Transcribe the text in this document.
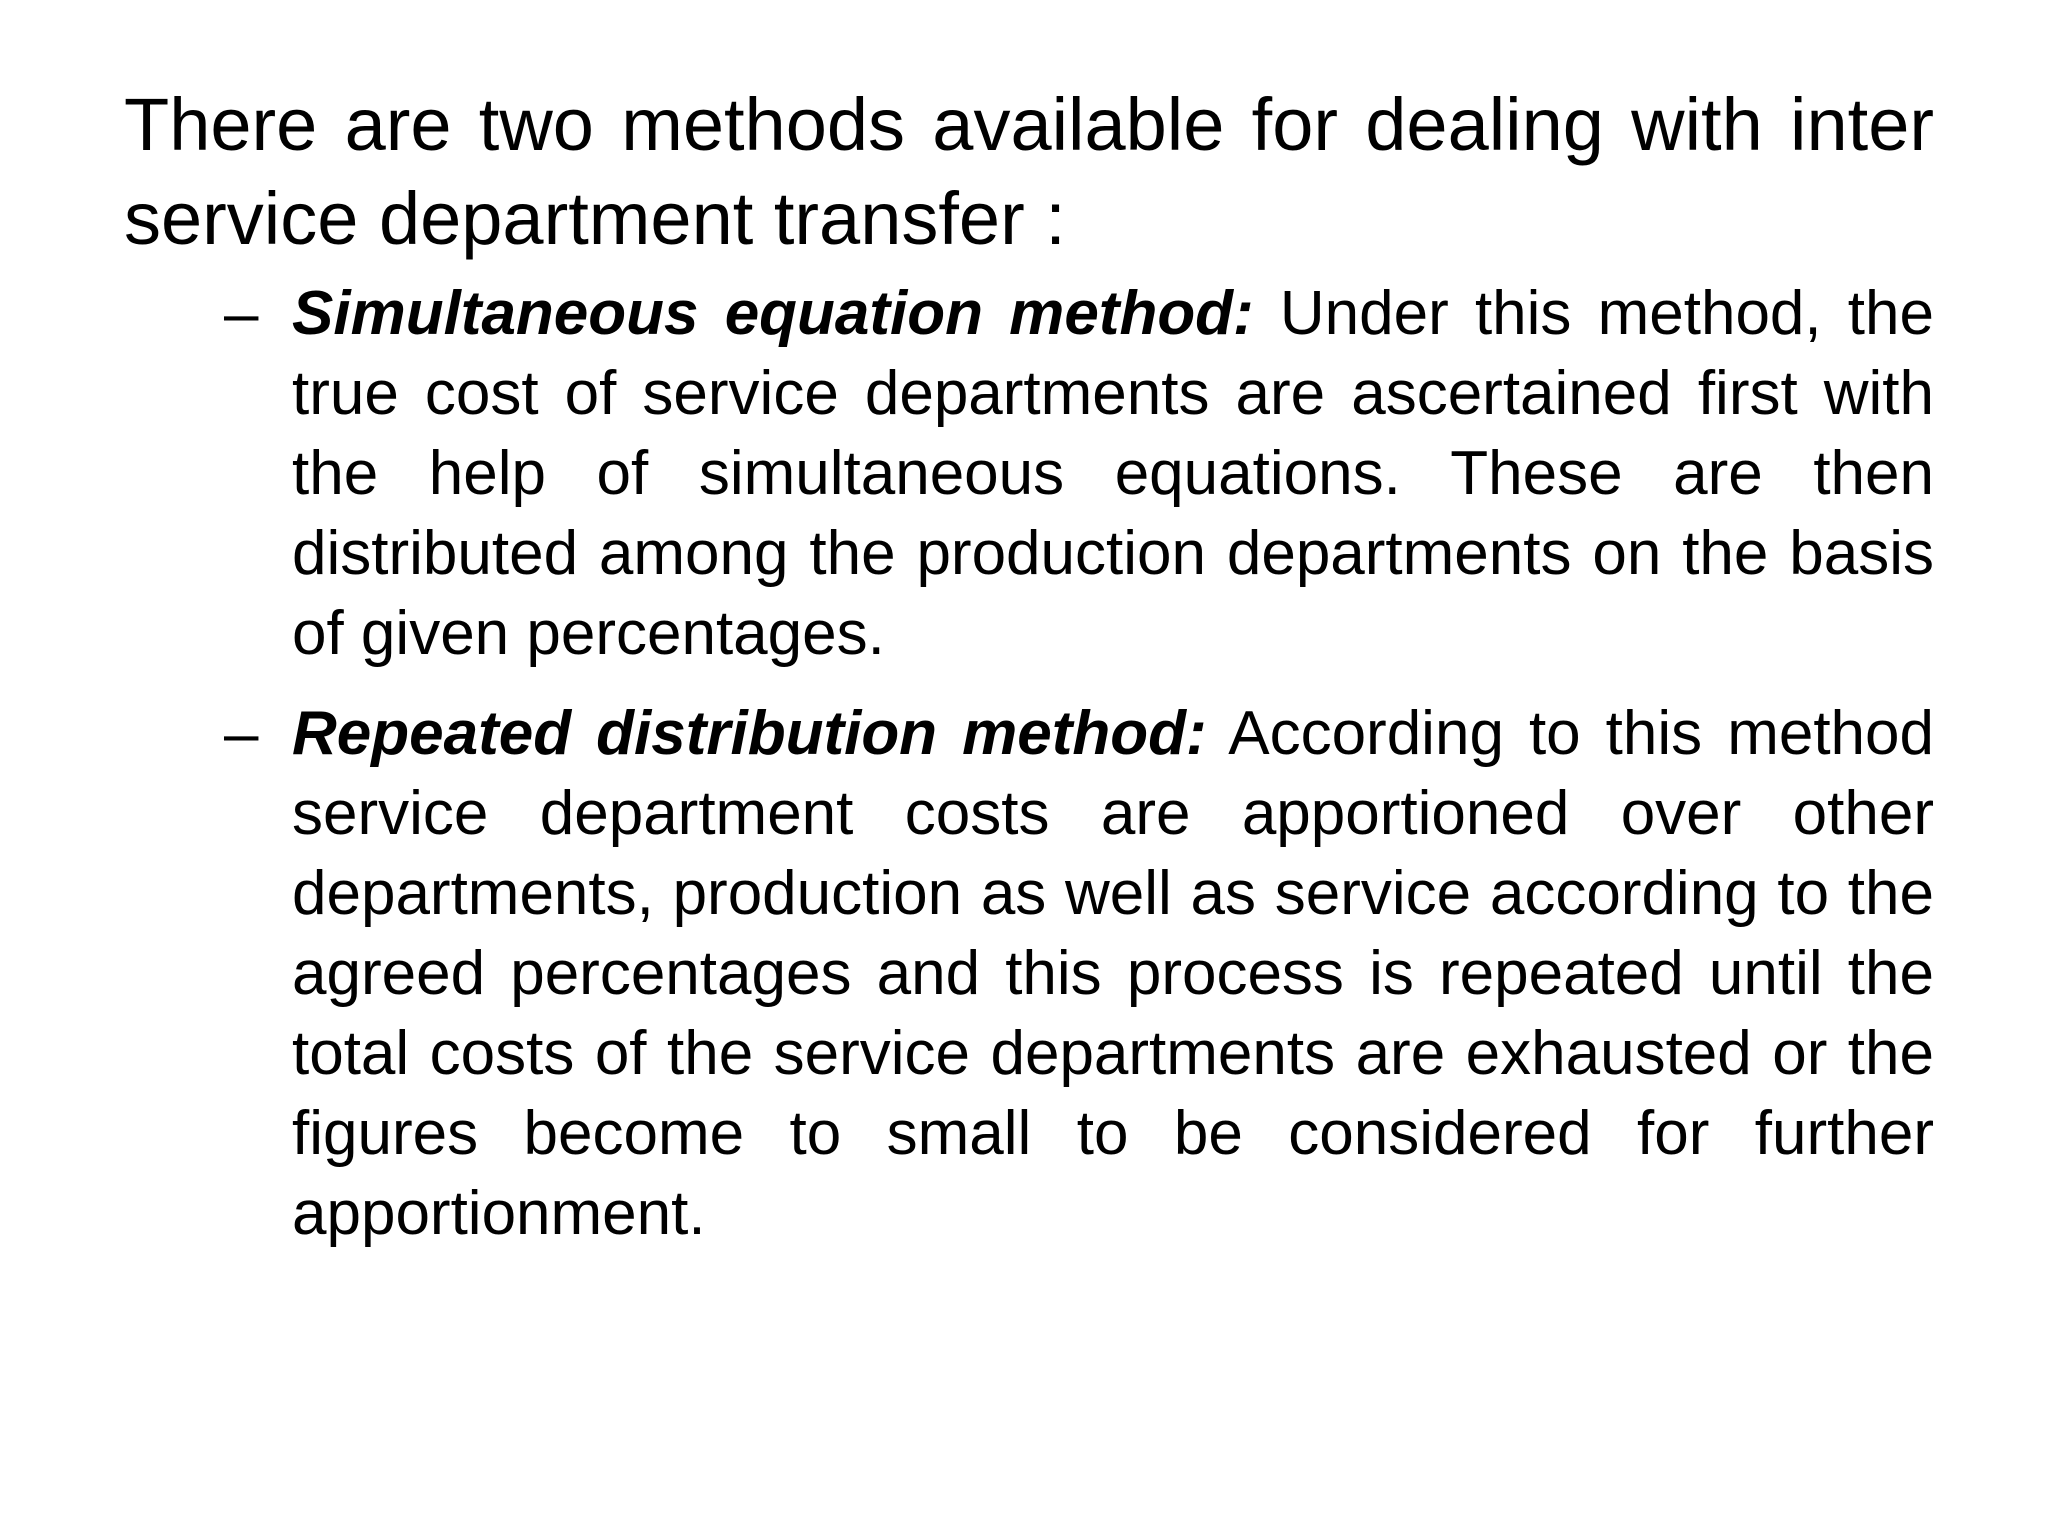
There are two methods available for dealing with inter service department transfer :

– Simultaneous equation method: Under this method, the true cost of service departments are ascertained first with the help of simultaneous equations. These are then distributed among the production departments on the basis of given percentages.
– Repeated distribution method: According to this method service department costs are apportioned over other departments, production as well as service according to the agreed percentages and this process is repeated until the total costs of the service departments are exhausted or the figures become to small to be considered for further apportionment.
